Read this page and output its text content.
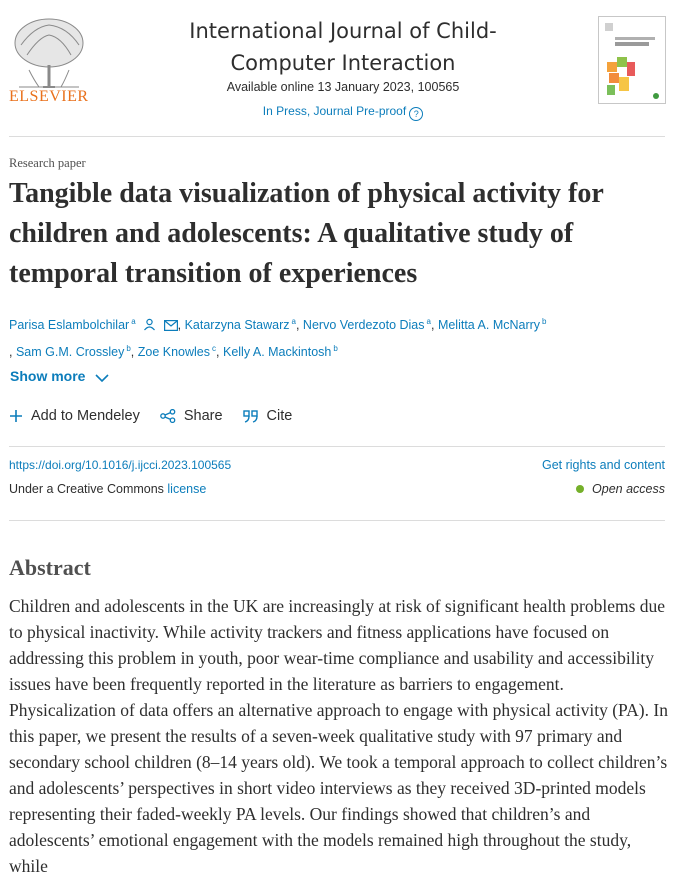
ELSEVIER
International Journal of Child-Computer Interaction
Available online 13 January 2023, 100565
In Press, Journal Pre-proof ?
Research paper
Tangible data visualization of physical activity for children and adolescents: A qualitative study of temporal transition of experiences
Parisa Eslambolchilar $^a$	, Katarzyna Stawarz $^a$, Nervo Verdezoto Dias $^a$, Melitta A. McNarry $^b$
, Sam G.M. Crossley $^b$, Zoe Knowles $^c$, Kelly A. Mackintosh $^b$
Show more
Add to Mendeley	Share	Cite
https://doi.org/10.1016/j.ijcci.2023.100565	Get rights and content
Under a Creative Commons license	Open access
Abstract

Children and adolescents in the UK are increasingly at risk of significant health problems due to physical inactivity. While activity trackers and fitness applications have focused on addressing this problem in youth, poor wear-time compliance and usability and accessibility issues have been frequently reported in the literature as barriers to engagement. Physicalization of data offers an alternative approach to engage with physical activity (PA). In this paper, we present the results of a seven-week qualitative study with 97 primary and secondary school children (8–14 years old). We took a temporal approach to collect children’s and adolescents’ perspectives in short video interviews as they received 3D-printed models representing their faded-weekly PA levels. Our findings showed that children’s and adolescents’ emotional engagement with the models remained high throughout the study, while
